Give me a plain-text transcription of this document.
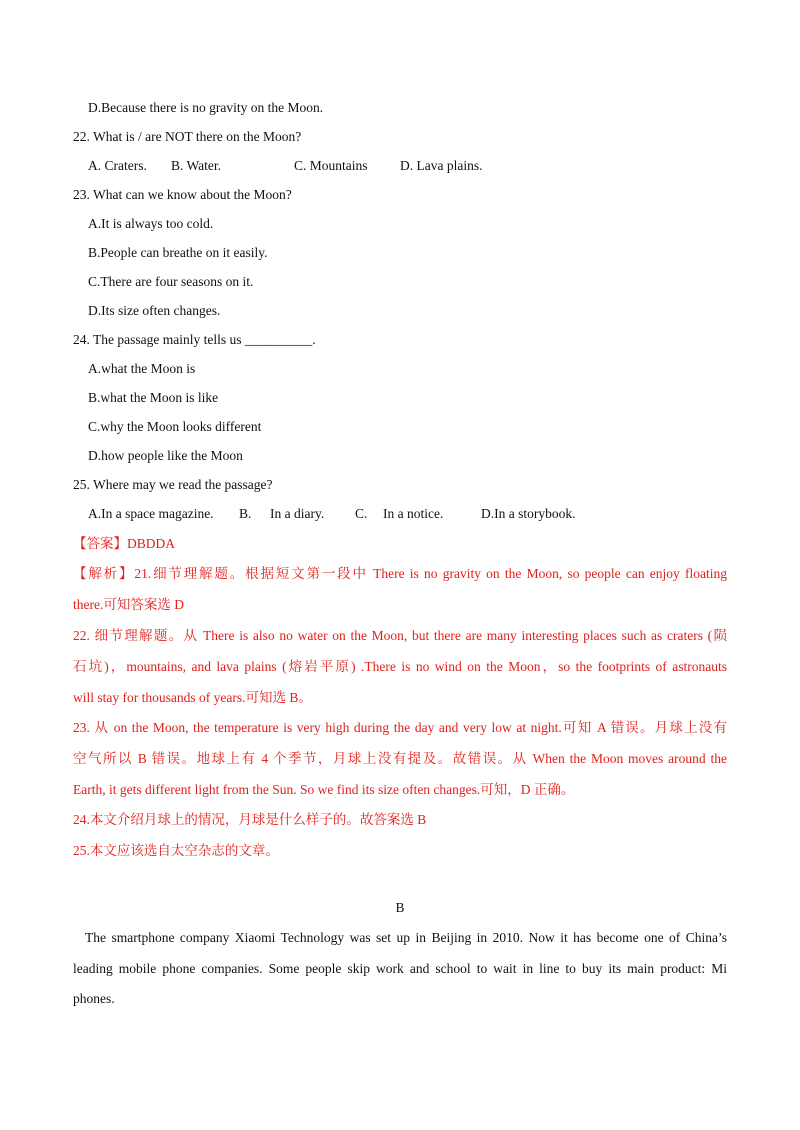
D.Because there is no gravity on the Moon.
22. What is / are NOT there on the Moon?
A. Craters. B. Water.	C. Mountains D. Lava plains.
23. What can we know about the Moon?
A.It is always too cold.
B.People can breathe on it easily.
C.There are four seasons on it.
D.Its size often changes.
24. The passage mainly tells us __________.
A.what the Moon is
B.what the Moon is like
C.why the Moon looks different
D.how people like the Moon
25. Where may we read the passage?
A.In a space magazine. B. In a diary. C. In a notice.	D.In a storybook.
【答案】DBDDA
【解析】21.细节理解题。根据短文第一段中 There is no gravity on the Moon, so people can enjoy floating
there.可知答案选 D
22. 细节理解题。从 There is also no water on the Moon, but there are many interesting places such as craters (陨
石坑)，mountains, and lava plains (熔岩平原) .There is no wind on the Moon，so the footprints of astronauts
will stay for thousands of years.可知选 B。
23. 从 on the Moon, the temperature is very high during the day and very low at night.可知 A 错误。月球上没有
空气所以 B 错误。地球上有 4 个季节，月球上没有提及。故错误。从 When the Moon moves around the
Earth, it gets different light from the Sun. So we find its size often changes.可知，D 正确。
24.本文介绍月球上的情况，月球是什么样子的。故答案选 B
25.本文应该选自太空杂志的文章。
B
The smartphone company Xiaomi Technology was set up in Beijing in 2010. Now it has become one of China’s
leading mobile phone companies. Some people skip work and school to wait in line to buy its main product: Mi
phones.
